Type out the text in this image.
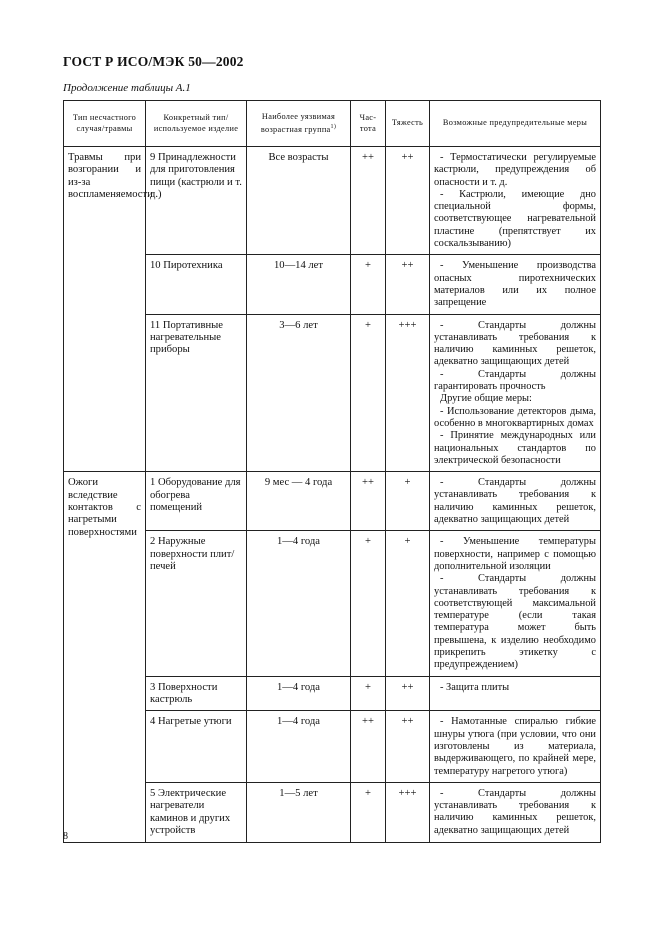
ГОСТ Р ИСО/МЭК 50—2002
Продолжение таблицы А.1
Тип несчастного случая/травмы	Конкретный тип/используемое изделие	Наиболее уязвимая возрастная группа$^{1)}$	Час-тота	Тяжесть	Возможные предупредительные меры
Травмы при возгорании и из-за воспламеняемости	9 Принадлежности для приготовления пищи (кастрюли и т. д.)	Все возрасты	++	++	- Термостатически регулируемые кастрюли, предупреждения об опасности и т. д.
- Кастрюли, имеющие дно специальной формы, соответствующее нагревательной пластине (препятствует их соскальзыванию)

	10 Пиротехника	10—14 лет	+	++	- Уменьшение производства опасных пиротехнических материалов или их полное запрещение

	11 Портативные нагревательные приборы	3—6 лет	+	+++	- Стандарты должны устанавливать требования к наличию каминных решеток, адекватно защищающих детей
- Стандарты должны гарантировать прочность
Другие общие меры:
- Использование детекторов дыма, особенно в многоквартирных домах
- Принятие международных или национальных стандартов по электрической безопасности

Ожоги вследствие контактов с нагретыми поверхностями	1 Оборудование для обогрева помещений	9 мес — 4 года	++	+	- Стандарты должны устанавливать требования к наличию каминных решеток, адекватно защищающих детей

	2 Наружные поверхности плит/печей	1—4 года	+	+	- Уменьшение температуры поверхности, например с помощью дополнительной изоляции
- Стандарты должны устанавливать требования к соответствующей максимальной температуре (если такая температура может быть превышена, к изделию необходимо прикрепить этикетку с предупреждением)

	3 Поверхности кастрюль	1—4 года	+	++	- Защита плиты

	4 Нагретые утюги	1—4 года	++	++	- Намотанные спиралью гибкие шнуры утюга (при условии, что они изготовлены из материала, выдерживающего, по крайней мере, температуру нагретого утюга)

	5 Электрические нагреватели каминов и других устройств	1—5 лет	+	+++	- Стандарты должны устанавливать требования к наличию каминных решеток, адекватно защищающих детей
8
